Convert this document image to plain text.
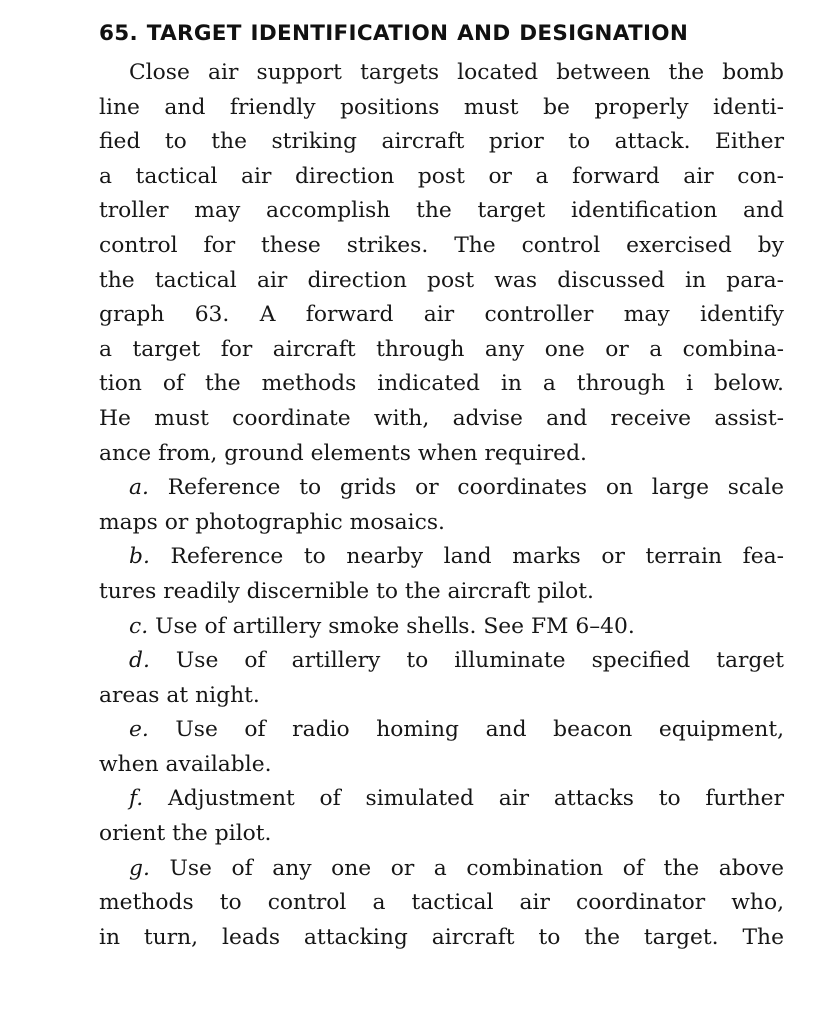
65. TARGET IDENTIFICATION AND DESIGNATION
Close air support targets located between the bomb
line and friendly positions must be properly identi-
fied to the striking aircraft prior to attack. Either
a tactical air direction post or a forward air con-
troller may accomplish the target identification and
control for these strikes. The control exercised by
the tactical air direction post was discussed in para-
graph 63. A forward air controller may identify
a target for aircraft through any one or a combina-
tion of the methods indicated in a through i below.
He must coordinate with, advise and receive assist-
ance from, ground elements when required.
a. Reference to grids or coordinates on large scale
maps or photographic mosaics.
b. Reference to nearby land marks or terrain fea-
tures readily discernible to the aircraft pilot.
c. Use of artillery smoke shells. See FM 6–40.
d. Use of artillery to illuminate specified target
areas at night.
e. Use of radio homing and beacon equipment,
when available.
f. Adjustment of simulated air attacks to further
orient the pilot.
g. Use of any one or a combination of the above
methods to control a tactical air coordinator who,
in turn, leads attacking aircraft to the target. The
